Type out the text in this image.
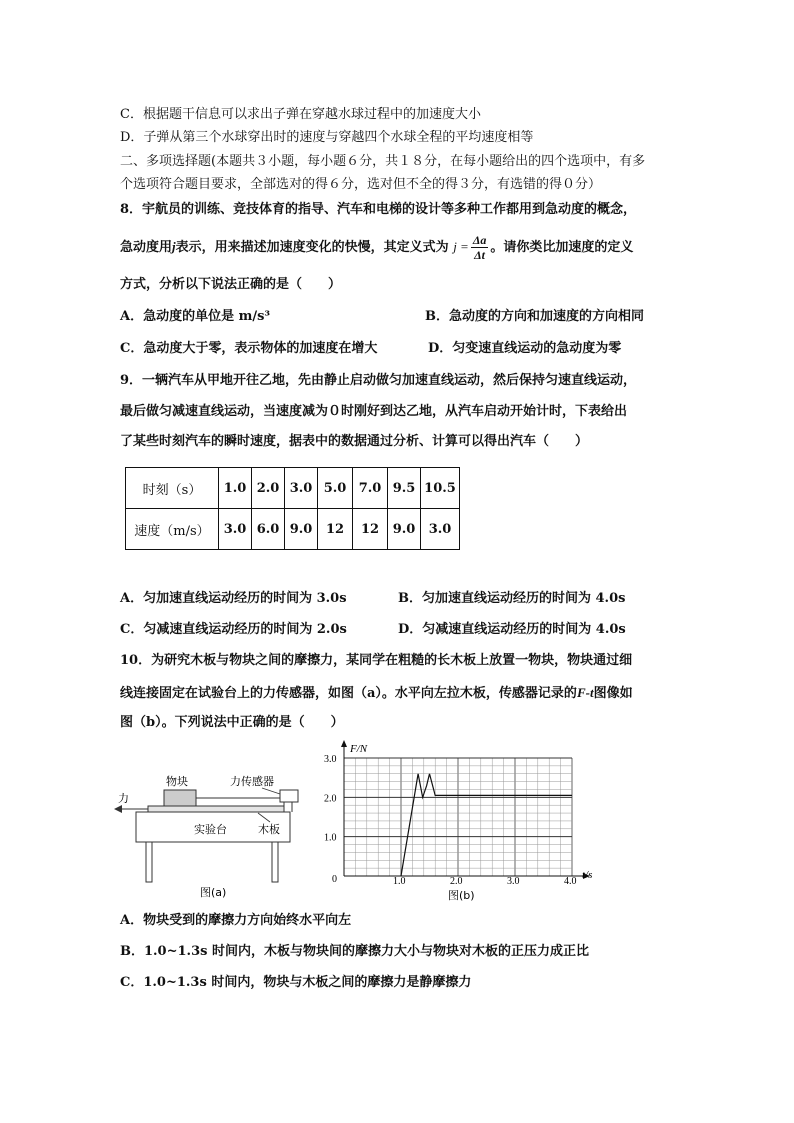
C．根据题干信息可以求出子弹在穿越水球过程中的加速度大小
D．子弹从第三个水球穿出时的速度与穿越四个水球全程的平均速度相等
二、多项选择题(本题共３小题，每小题６分，共１８分，在每小题给出的四个选项中，有多
个选项符合题目要求，全部选对的得６分，选对但不全的得３分，有选错的得０分）
8．宇航员的训练、竞技体育的指导、汽车和电梯的设计等多种工作都用到急动度的概念，
急动度用j表示，用来描述加速度变化的快慢，其定义式为 $j = \frac{\Delta a}{\Delta t}$ 。请你类比加速度的定义
方式，分析以下说法正确的是（　　）
A．急动度的单位是 m/s³	B．急动度的方向和加速度的方向相同
C．急动度大于零，表示物体的加速度在增大	D．匀变速直线运动的急动度为零
9．一辆汽车从甲地开往乙地，先由静止启动做匀加速直线运动，然后保持匀速直线运动，
最后做匀减速直线运动，当速度减为０时刚好到达乙地，从汽车启动开始计时，下表给出
了某些时刻汽车的瞬时速度，据表中的数据通过分析、计算可以得出汽车（　　）
时刻（s）	1.0	2.0	3.0	5.0	7.0	9.5	10.5
速度（m/s）	3.0	6.0	9.0	12	12	9.0	3.0
A．匀加速直线运动经历的时间为 3.0s	B．匀加速直线运动经历的时间为 4.0s
C．匀减速直线运动经历的时间为 2.0s	D．匀减速直线运动经历的时间为 4.0s
10．为研究木板与物块之间的摩擦力，某同学在粗糙的长木板上放置一物块，物块通过细
线连接固定在试验台上的力传感器，如图（a）。水平向左拉木板，传感器记录的F-t图像如
图（b）。下列说法中正确的是（　　）
物块	力传感器
力
实验台	木板
图(a)
0	1.0	2.0	3.0	4.0
1.0
2.0
3.0
F/N
t/s
图(b)
A．物块受到的摩擦力方向始终水平向左
B．1.0~1.3s 时间内，木板与物块间的摩擦力大小与物块对木板的正压力成正比
C．1.0~1.3s 时间内，物块与木板之间的摩擦力是静摩擦力
